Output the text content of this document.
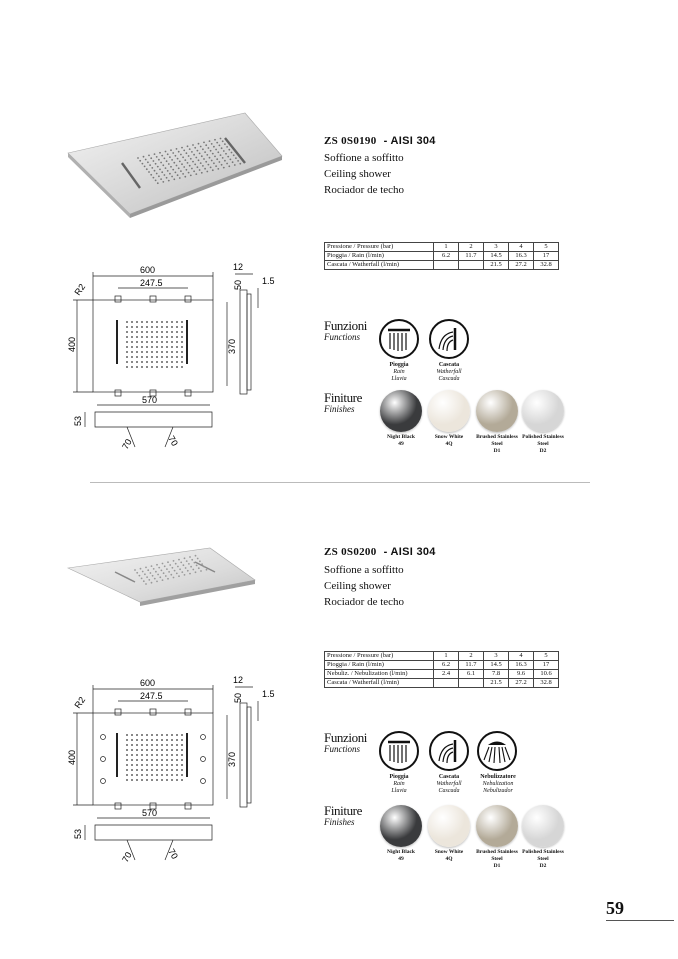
ZS 0S0190 - AISI 304
Soffione a soffitto
Ceiling shower
Rociador de techo
Pressione / Pressure (bar)	1	2	3	4	5
Pioggia / Rain (l/min)	6.2	11.7	14.5	16.3	17
Cascata / Watherfall (l/min)			21.5	27.2	32.8
600
247.5
400
R2
12
1.5
50
370
570
53
70	70
Funzioni
Functions
Pioggia
Rain
Lluvia
Cascata
Watherfall
Cascada
Finiture
Finishes
Night Black
49
Snow White
4Q
Brushed Stainless Steel
D1
Polished Stainless Steel
D2
ZS 0S0200 - AISI 304
Soffione a soffitto
Ceiling shower
Rociador de techo
Pressione / Pressure (bar)	1	2	3	4	5
Pioggia / Rain (l/min)	6.2	11.7	14.5	16.3	17
Nebuliz. / Nebulization (l/min)	2.4	6.1	7.8	9.6	10.6
Cascata / Watherfall (l/min)			21.5	27.2	32.8
600
247.5
400
R2
12
1.5
50
370
570
53
70	70
Funzioni
Functions
Pioggia
Rain
Lluvia
Cascata
Watherfall
Cascada
Nebulizzatore
Nebulization
Nebulizador
Finiture
Finishes
Night Black
49
Snow White
4Q
Brushed Stainless Steel
D1
Polished Stainless Steel
D2
59
